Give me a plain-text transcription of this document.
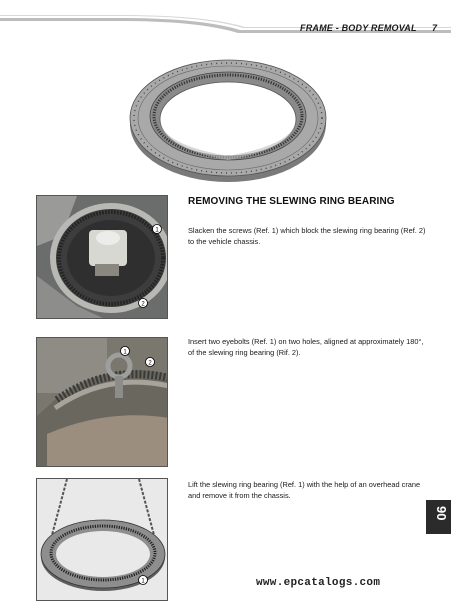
FRAME - BODY REMOVAL 7
1
2
1
2
1
REMOVING THE SLEWING RING BEARING

Slacken the screws (Ref. 1) which block the slewing ring bearing (Ref. 2) to the vehicle chassis.

Insert two eyebolts (Ref. 1) on two holes, aligned at approximately 180°, of the slewing ring bearing (Rif. 2).

Lift the slewing ring bearing (Ref. 1) with the help of an overhead crane and remove it from the chassis.

90
www.epcatalogs.com
